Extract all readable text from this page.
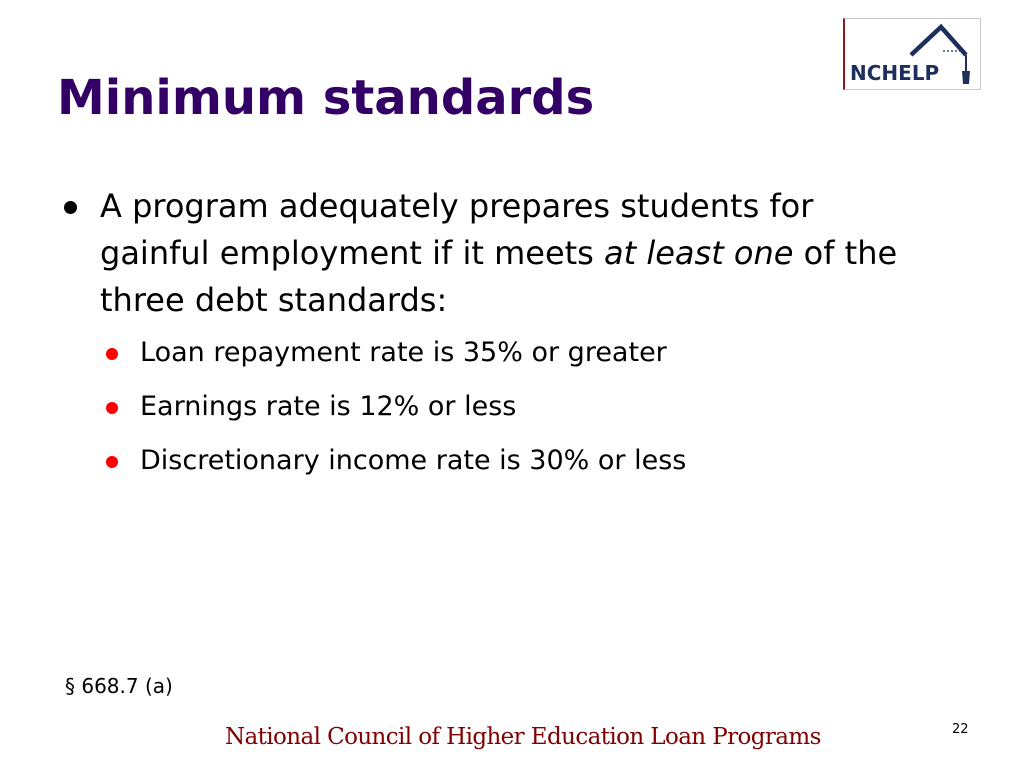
NCHELP
Minimum standards
A program adequately prepares students for gainful employment if it meets at least one of the three debt standards:
Loan repayment rate is 35% or greater
Earnings rate is 12% or less
Discretionary income rate is 30% or less
§ 668.7 (a)
National Council of Higher Education Loan Programs	22
